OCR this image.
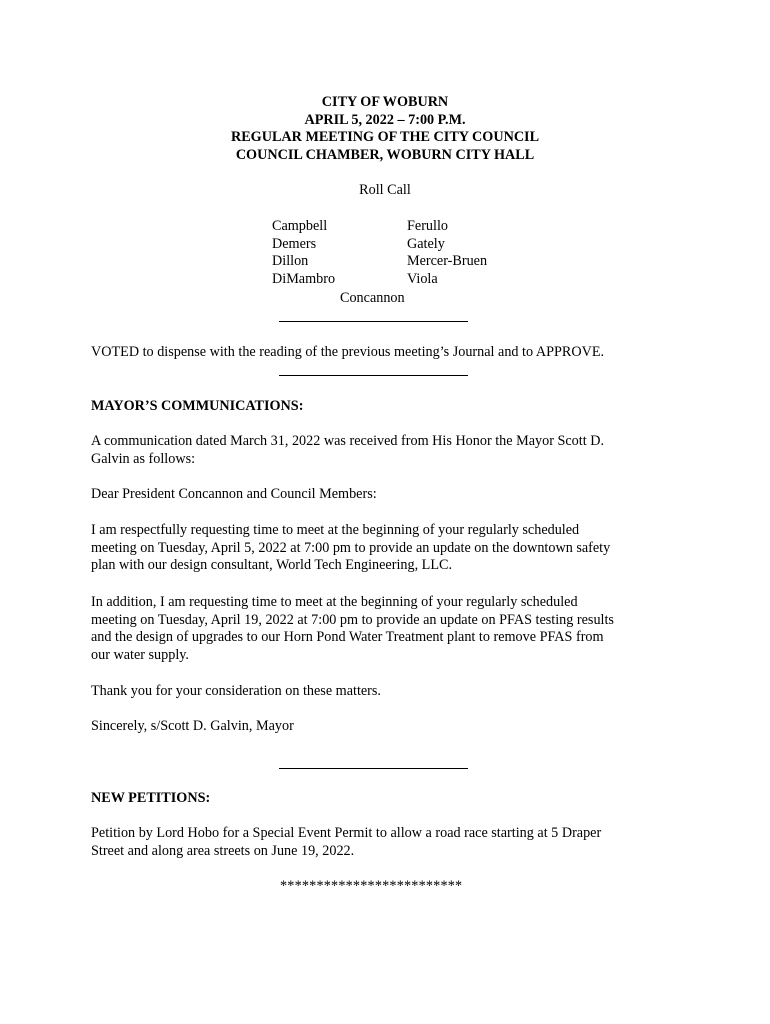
CITY OF WOBURN
APRIL 5, 2022 – 7:00 P.M.
REGULAR MEETING OF THE CITY COUNCIL
COUNCIL CHAMBER, WOBURN CITY HALL
Roll Call
Campbell
Demers
Dillon
DiMambro
Ferullo
Gately
Mercer-Bruen
Viola
Concannon
VOTED to dispense with the reading of the previous meeting’s Journal and to APPROVE.
MAYOR’S COMMUNICATIONS:
A communication dated March 31, 2022 was received from His Honor the Mayor Scott D.
Galvin as follows:
Dear President Concannon and Council Members:
I am respectfully requesting time to meet at the beginning of your regularly scheduled
meeting on Tuesday, April 5, 2022 at 7:00 pm to provide an update on the downtown safety
plan with our design consultant, World Tech Engineering, LLC.
In addition, I am requesting time to meet at the beginning of your regularly scheduled
meeting on Tuesday, April 19, 2022 at 7:00 pm to provide an update on PFAS testing results
and the design of upgrades to our Horn Pond Water Treatment plant to remove PFAS from
our water supply.
Thank you for your consideration on these matters.
Sincerely, s/Scott D. Galvin, Mayor
NEW PETITIONS:
Petition by Lord Hobo for a Special Event Permit to allow a road race starting at 5 Draper
Street and along area streets on June 19, 2022.
*************************
